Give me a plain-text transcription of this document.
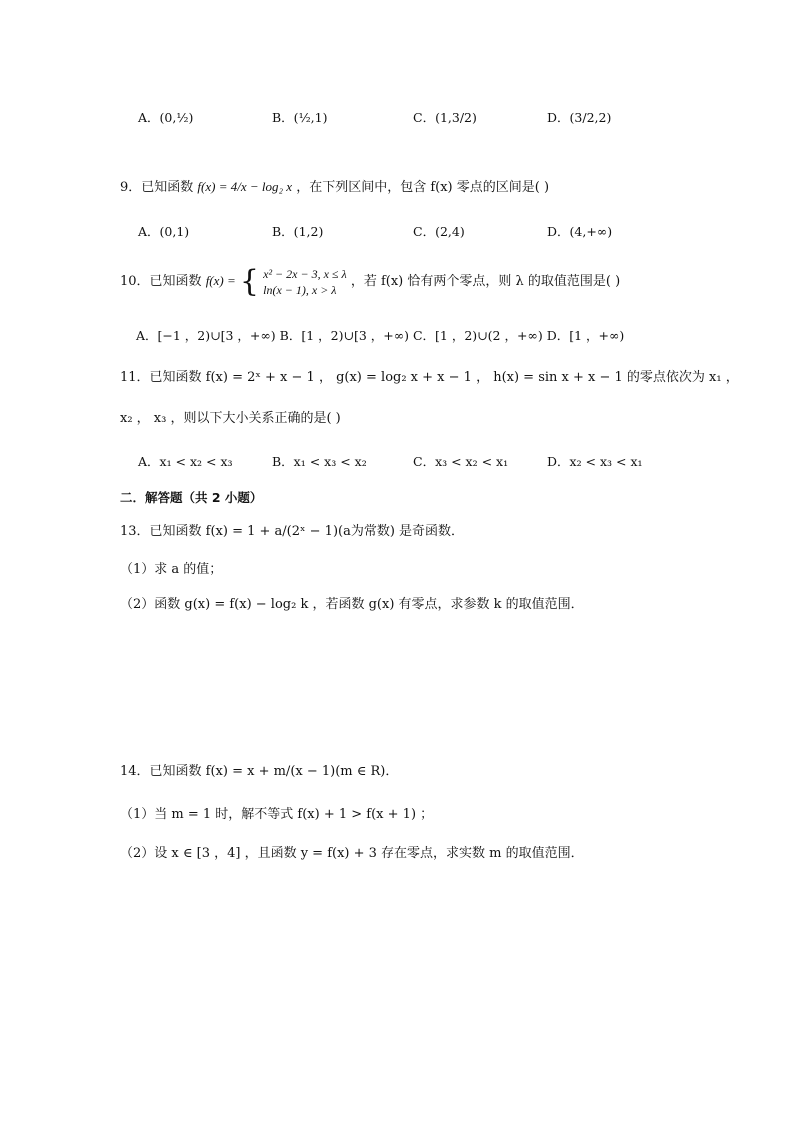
A．(0,½)	B．(½,1)	C．(1,3/2)	D．(3/2,2)
9．已知函数 f(x) = 4/x − log₂ x ，在下列区间中，包含 f(x) 零点的区间是( )
A．(0,1)	B．(1,2)	C．(2,4)	D．(4,+∞)
10．已知函数 f(x) = { x² − 2x − 3, x ≤ λ
ln(x − 1), x > λ
，若 f(x) 恰有两个零点，则 λ 的取值范围是( )
A．[−1 ，2)∪[3 ，+∞) B．[1 ，2)∪[3 ，+∞) C．[1 ，2)∪(2 ，+∞) D．[1 ，+∞)
11．已知函数 f(x) = 2ˣ + x − 1 ， g(x) = log₂ x + x − 1 ， h(x) = sin x + x − 1 的零点依次为 x₁ ，
x₂ ， x₃ ，则以下大小关系正确的是( )
A．x₁ < x₂ < x₃	B．x₁ < x₃ < x₂	C．x₃ < x₂ < x₁	D．x₂ < x₃ < x₁
二．解答题（共 2 小题）
13．已知函数 f(x) = 1 + a/(2ˣ − 1)(a为常数) 是奇函数．
（1）求 a 的值；
（2）函数 g(x) = f(x) − log₂ k ，若函数 g(x) 有零点，求参数 k 的取值范围．
14．已知函数 f(x) = x + m/(x − 1)(m ∈ R)．
（1）当 m = 1 时，解不等式 f(x) + 1 > f(x + 1) ；
（2）设 x ∈ [3 ，4] ，且函数 y = f(x) + 3 存在零点，求实数 m 的取值范围．
